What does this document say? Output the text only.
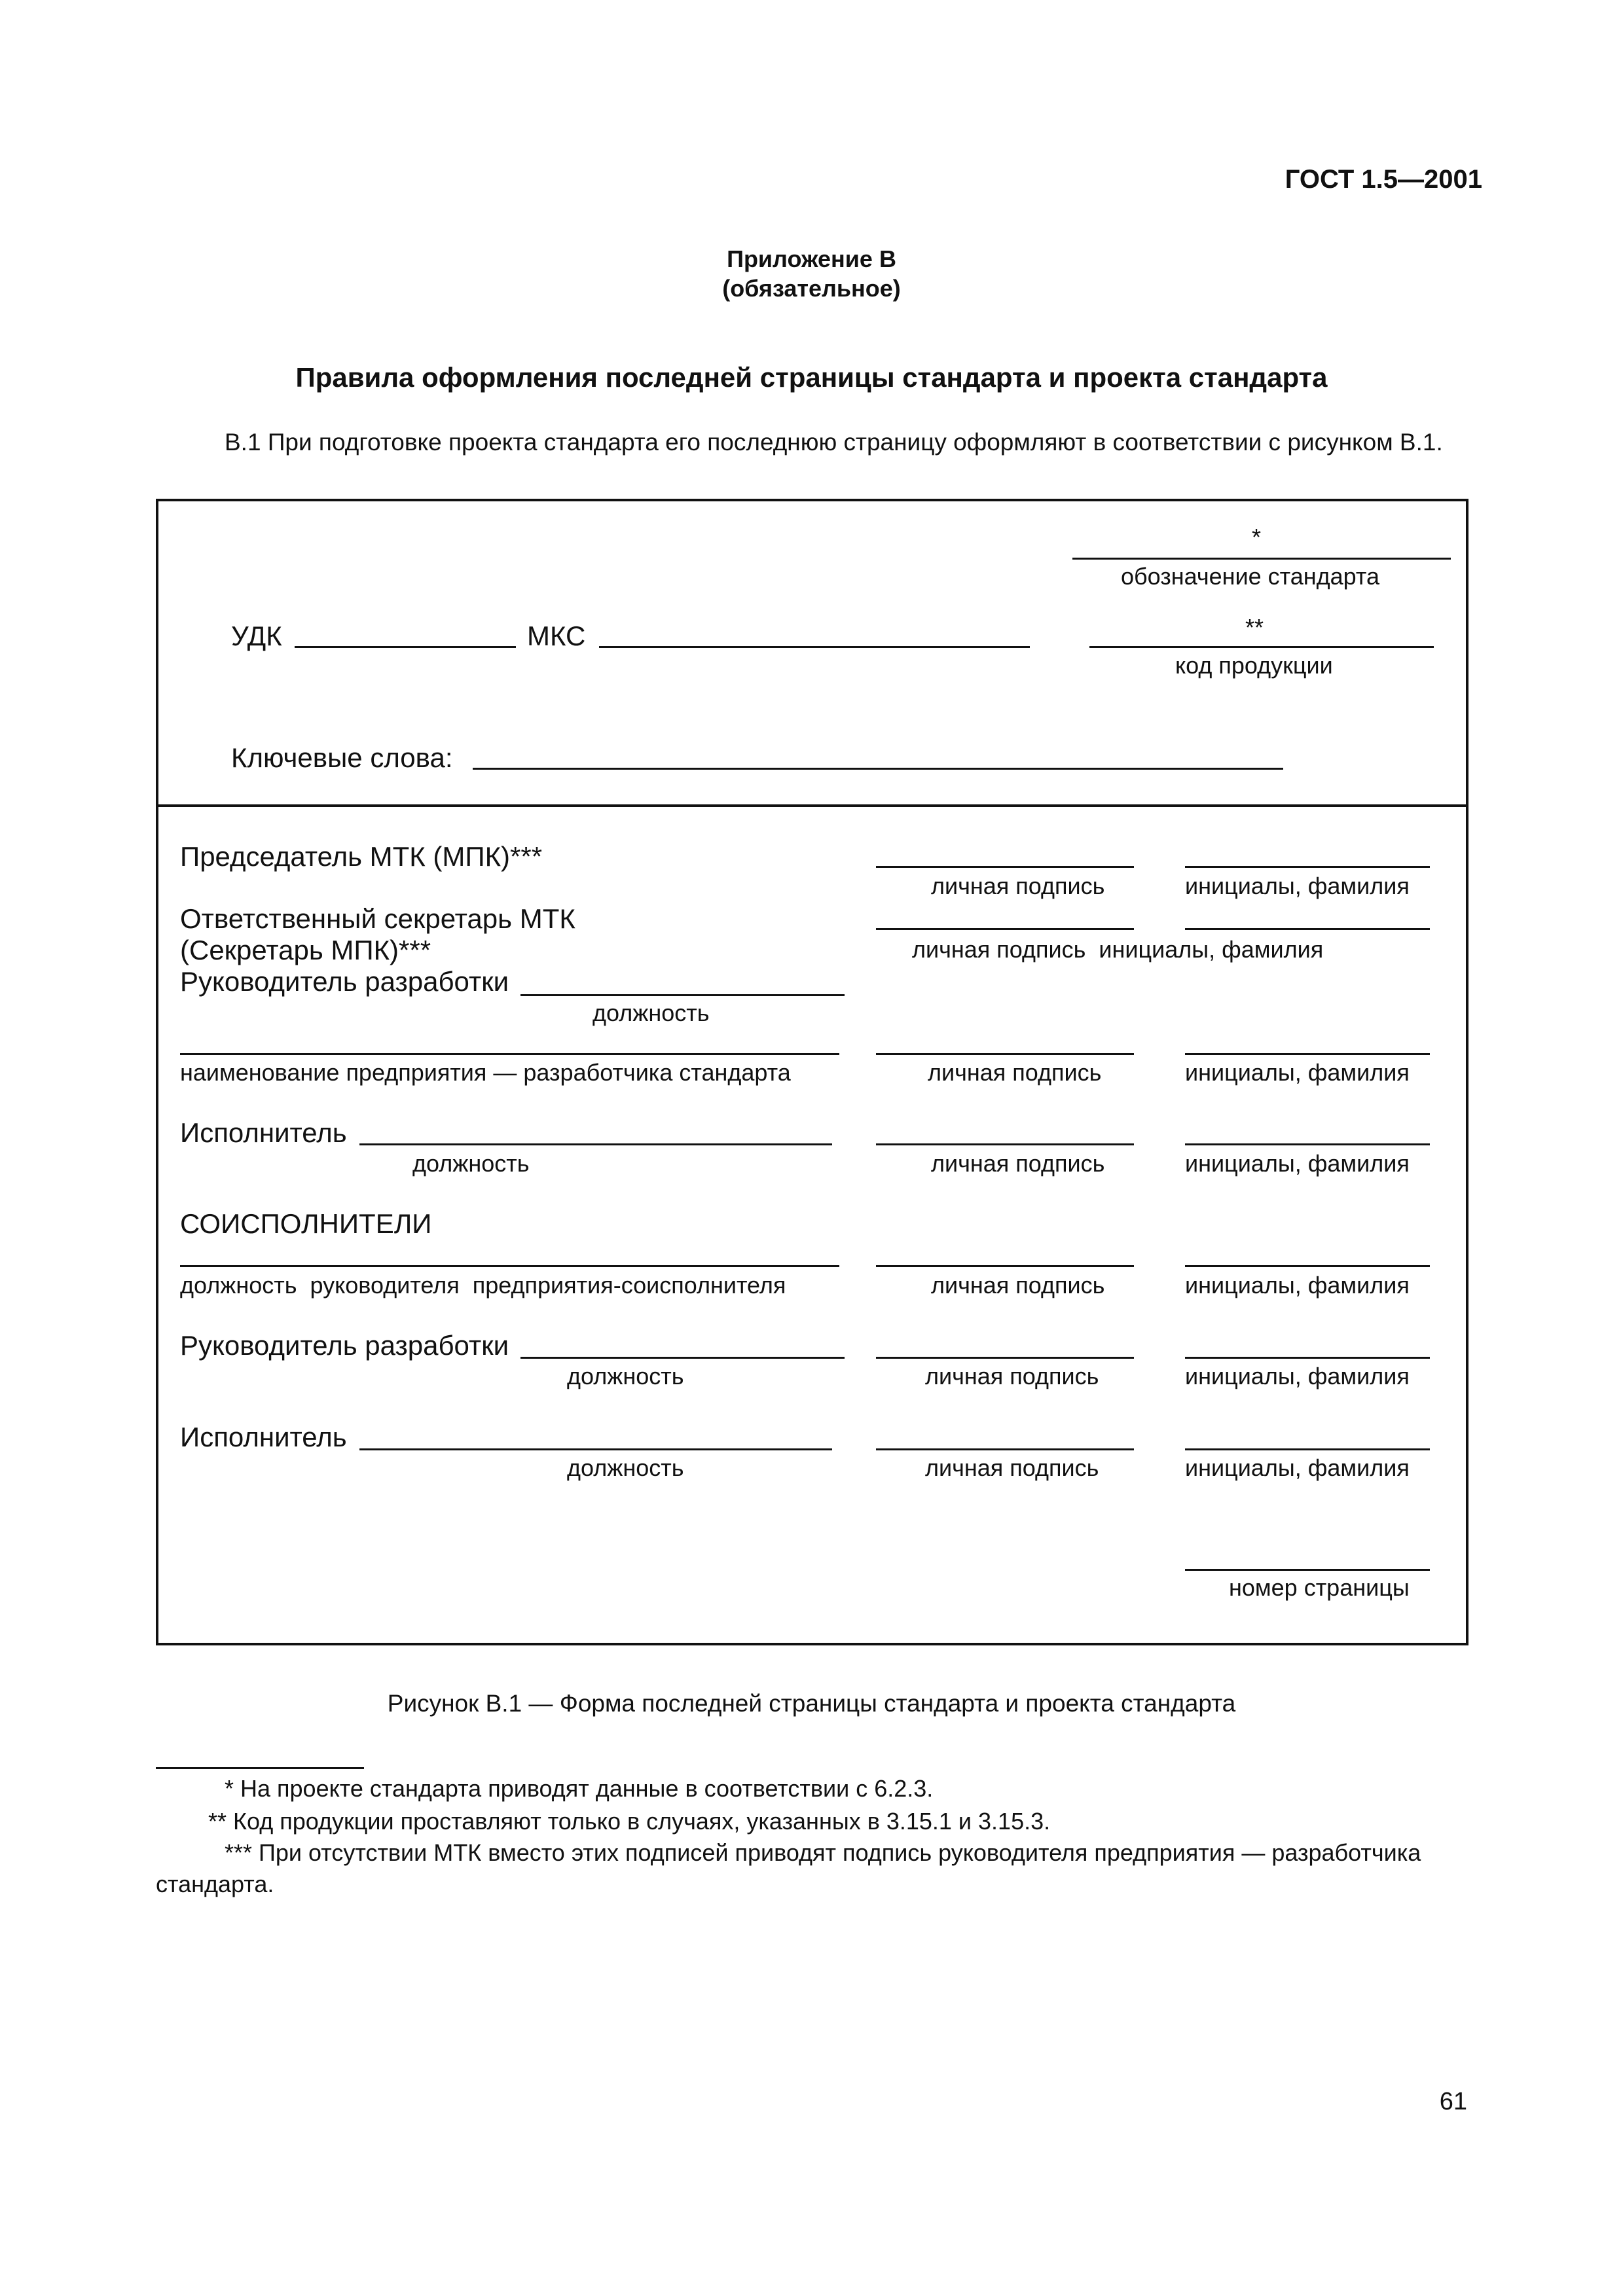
ГОСТ 1.5—2001
Приложение В
(обязательное)
Правила оформления последней страницы стандарта и проекта стандарта
В.1 При подготовке проекта стандарта его последнюю страницу оформляют в соответствии с рисунком В.1.
*
обозначение стандарта
**
код продукции
УДК	МКС
Ключевые слова:
Председатель МТК (МПК)***
личная подпись	инициалы, фамилия
Ответственный секретарь МТК
(Секретарь МПК)***	личная подпись  инициалы, фамилия
Руководитель разработки
должность
наименование предприятия — разработчика стандарта	личная подпись	инициалы, фамилия
Исполнитель
должность	личная подпись	инициалы, фамилия
СОИСПОЛНИТЕЛИ
должность  руководителя  предприятия-соисполнителя	личная подпись	инициалы, фамилия
Руководитель разработки
должность	личная подпись	инициалы, фамилия
Исполнитель
должность	личная подпись	инициалы, фамилия
номер страницы
Рисунок В.1 — Форма последней страницы стандарта и проекта стандарта
* На проекте стандарта приводят данные в соответствии с 6.2.3.
** Код продукции проставляют только в случаях, указанных в 3.15.1 и 3.15.3.
*** При отсутствии МТК вместо этих подписей приводят подпись руководителя предприятия — разработчика
стандарта.
61
